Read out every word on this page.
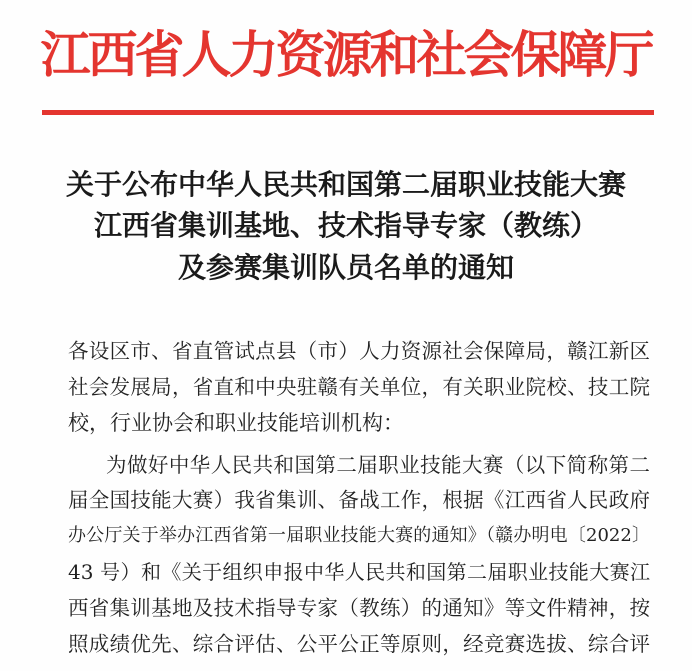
江西省人力资源和社会保障厅
关于公布中华人民共和国第二届职业技能大赛
江西省集训基地、技术指导专家（教练）
及参赛集训队员名单的通知
各设区市、省直管试点县（市）人力资源社会保障局，赣江新区
社会发展局，省直和中央驻赣有关单位，有关职业院校、技工院
校，行业协会和职业技能培训机构：
为做好中华人民共和国第二届职业技能大赛（以下简称第二
届全国技能大赛）我省集训、备战工作，根据《江西省人民政府
办公厅关于举办江西省第一届职业技能大赛的通知》（赣办明电〔2022〕
43 号）和《关于组织申报中华人民共和国第二届职业技能大赛江
西省集训基地及技术指导专家（教练）的通知》等文件精神，按
照成绩优先、综合评估、公平公正等原则，经竞赛选拔、综合评
